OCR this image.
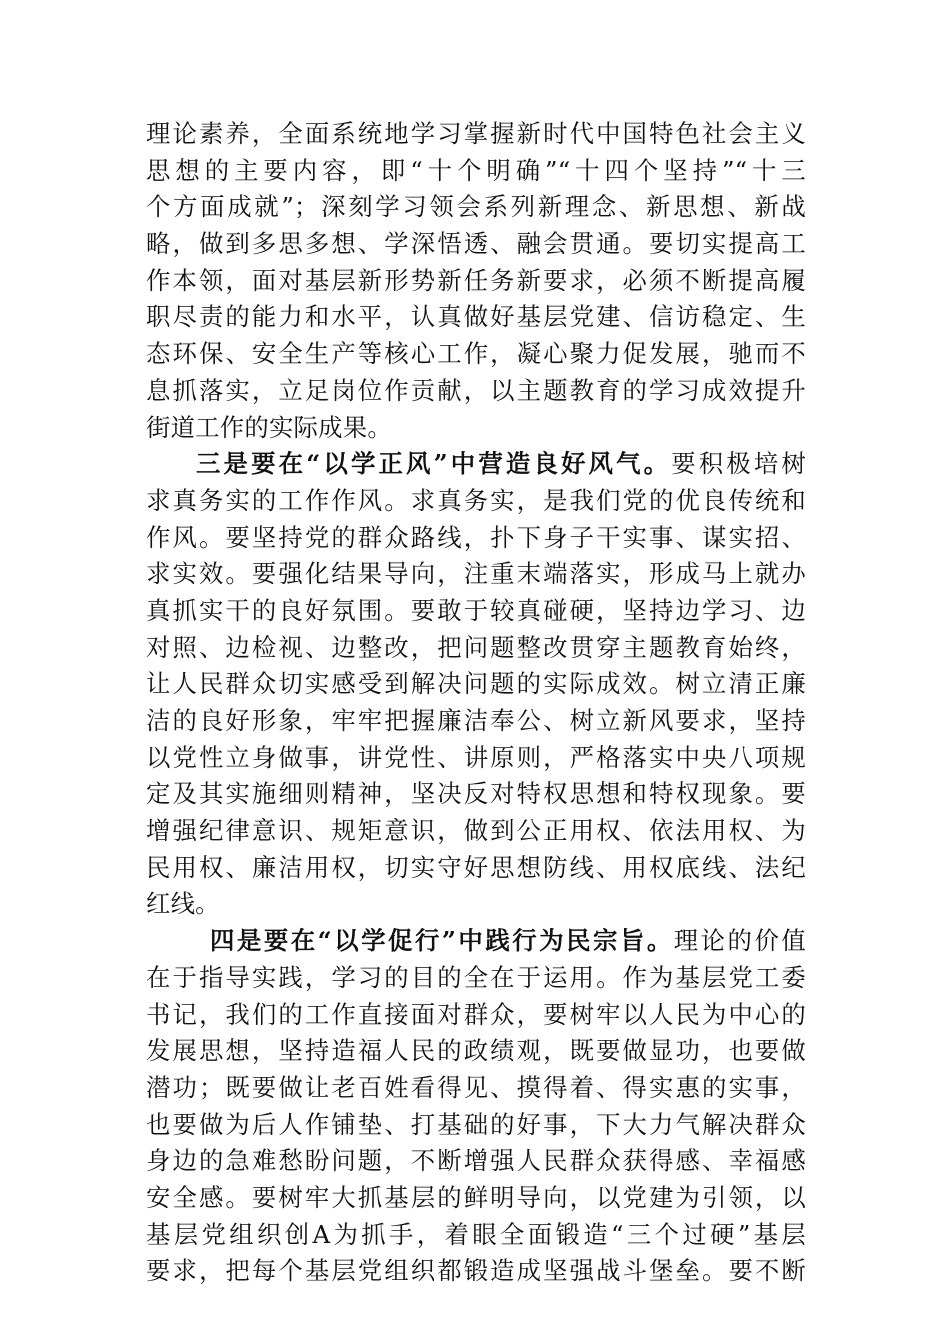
理论素养，全面系统地学习掌握新时代中国特色社会主义
思想的主要内容，即“十个明确”“十四个坚持”“十三
个方面成就”；深刻学习领会系列新理念、新思想、新战
略，做到多思多想、学深悟透、融会贯通。要切实提高工
作本领，面对基层新形势新任务新要求，必须不断提高履
职尽责的能力和水平，认真做好基层党建、信访稳定、生
态环保、安全生产等核心工作，凝心聚力促发展，驰而不
息抓落实，立足岗位作贡献，以主题教育的学习成效提升
街道工作的实际成果。
三是要在“以学正风”中营造良好风气。要积极培树
求真务实的工作作风。求真务实，是我们党的优良传统和
作风。要坚持党的群众路线，扑下身子干实事、谋实招、
求实效。要强化结果导向，注重末端落实，形成马上就办
真抓实干的良好氛围。要敢于较真碰硬，坚持边学习、边
对照、边检视、边整改，把问题整改贯穿主题教育始终，
让人民群众切实感受到解决问题的实际成效。树立清正廉
洁的良好形象，牢牢把握廉洁奉公、树立新风要求，坚持
以党性立身做事，讲党性、讲原则，严格落实中央八项规
定及其实施细则精神，坚决反对特权思想和特权现象。要
增强纪律意识、规矩意识，做到公正用权、依法用权、为
民用权、廉洁用权，切实守好思想防线、用权底线、法纪
红线。
四是要在“以学促行”中践行为民宗旨。理论的价值
在于指导实践，学习的目的全在于运用。作为基层党工委
书记，我们的工作直接面对群众，要树牢以人民为中心的
发展思想，坚持造福人民的政绩观，既要做显功，也要做
潜功；既要做让老百姓看得见、摸得着、得实惠的实事，
也要做为后人作铺垫、打基础的好事，下大力气解决群众
身边的急难愁盼问题，不断增强人民群众获得感、幸福感
安全感。要树牢大抓基层的鲜明导向，以党建为引领，以
基层党组织创A为抓手，着眼全面锻造“三个过硬”基层
要求，把每个基层党组织都锻造成坚强战斗堡垒。要不断
